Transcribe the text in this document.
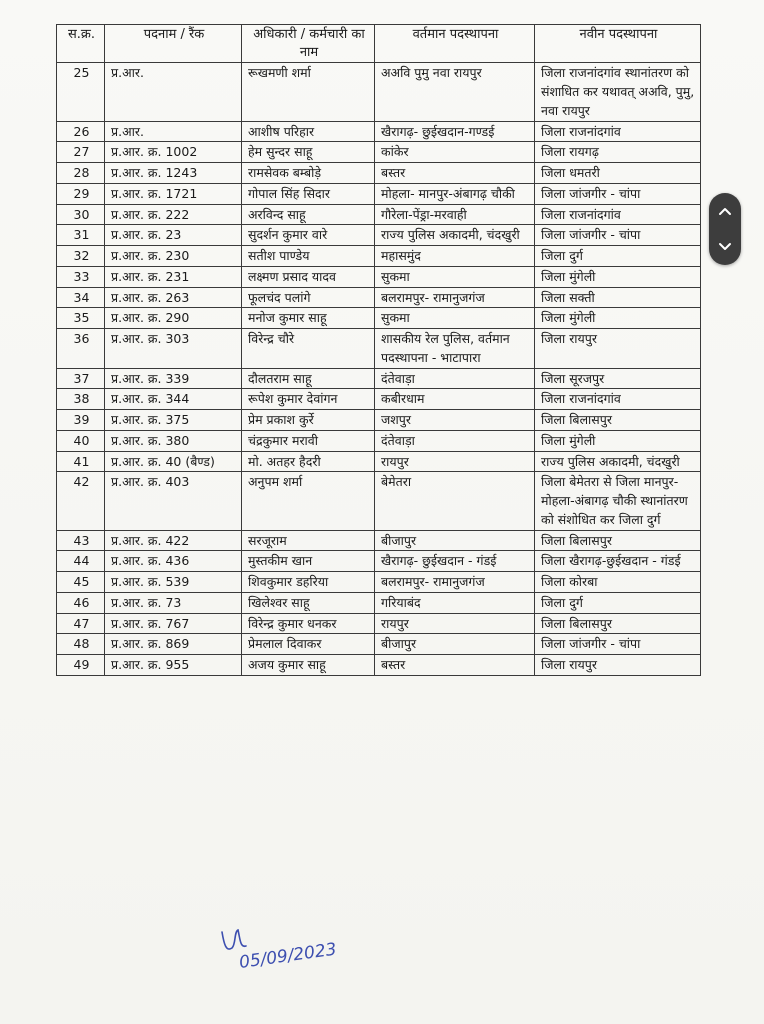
स.क्र.	पदनाम / रैंक	अधिकारी / कर्मचारी का नाम	वर्तमान पदस्थापना	नवीन पदस्थापना
25	प्र.आर.	रूखमणी शर्मा	अअवि पुमु नवा रायपुर	जिला राजनांदगांव स्थानांतरण को संशाधित कर यथावत् अअवि, पुमु, नवा रायपुर
26	प्र.आर.	आशीष परिहार	खैरागढ़- छुईखदान-गण्डई	जिला राजनांदगांव
27	प्र.आर. क्र. 1002	हेम सुन्दर साहू	कांकेर	जिला रायगढ़
28	प्र.आर. क्र. 1243	रामसेवक बम्बोड़े	बस्तर	जिला धमतरी
29	प्र.आर. क्र. 1721	गोपाल सिंह सिदार	मोहला- मानपुर-अंबागढ़ चौकी	जिला जांजगीर - चांपा
30	प्र.आर. क्र. 222	अरविन्द साहू	गौरेला-पेंड्रा-मरवाही	जिला राजनांदगांव
31	प्र.आर. क्र. 23	सुदर्शन कुमार वारे	राज्य पुलिस अकादमी, चंदखुरी	जिला जांजगीर - चांपा
32	प्र.आर. क्र. 230	सतीश पाण्डेय	महासमुंद	जिला दुर्ग
33	प्र.आर. क्र. 231	लक्ष्मण प्रसाद यादव	सुकमा	जिला मुंगेली
34	प्र.आर. क्र. 263	फूलचंद पलांगे	बलरामपुर- रामानुजगंज	जिला सक्ती
35	प्र.आर. क्र. 290	मनोज कुमार साहू	सुकमा	जिला मुंगेली
36	प्र.आर. क्र. 303	विरेन्द्र चौरे	शासकीय रेल पुलिस, वर्तमान पदस्थापना - भाटापारा	जिला रायपुर
37	प्र.आर. क्र. 339	दौलतराम साहू	दंतेवाड़ा	जिला सूरजपुर
38	प्र.आर. क्र. 344	रूपेश कुमार देवांगन	कबीरधाम	जिला राजनांदगांव
39	प्र.आर. क्र. 375	प्रेम प्रकाश कुर्रे	जशपुर	जिला बिलासपुर
40	प्र.आर. क्र. 380	चंद्रकुमार मरावी	दंतेवाड़ा	जिला मुंगेली
41	प्र.आर. क्र. 40 (बैण्ड)	मो. अतहर हैदरी	रायपुर	राज्य पुलिस अकादमी, चंदखुरी
42	प्र.आर. क्र. 403	अनुपम शर्मा	बेमेतरा	जिला बेमेतरा से जिला मानपुर-मोहला-अंबागढ़ चौकी स्थानांतरण को संशोधित कर जिला दुर्ग
43	प्र.आर. क्र. 422	सरजूराम	बीजापुर	जिला बिलासपुर
44	प्र.आर. क्र. 436	मुस्तकीम खान	खैरागढ़- छुईखदान - गंडई	जिला खैरागढ़-छुईखदान - गंडई
45	प्र.आर. क्र. 539	शिवकुमार डहरिया	बलरामपुर- रामानुजगंज	जिला कोरबा
46	प्र.आर. क्र. 73	खिलेश्वर साहू	गरियाबंद	जिला दुर्ग
47	प्र.आर. क्र. 767	विरेन्द्र कुमार धनकर	रायपुर	जिला बिलासपुर
48	प्र.आर. क्र. 869	प्रेमलाल दिवाकर	बीजापुर	जिला जांजगीर - चांपा
49	प्र.आर. क्र. 955	अजय कुमार साहू	बस्तर	जिला रायपुर
05/09/2023
